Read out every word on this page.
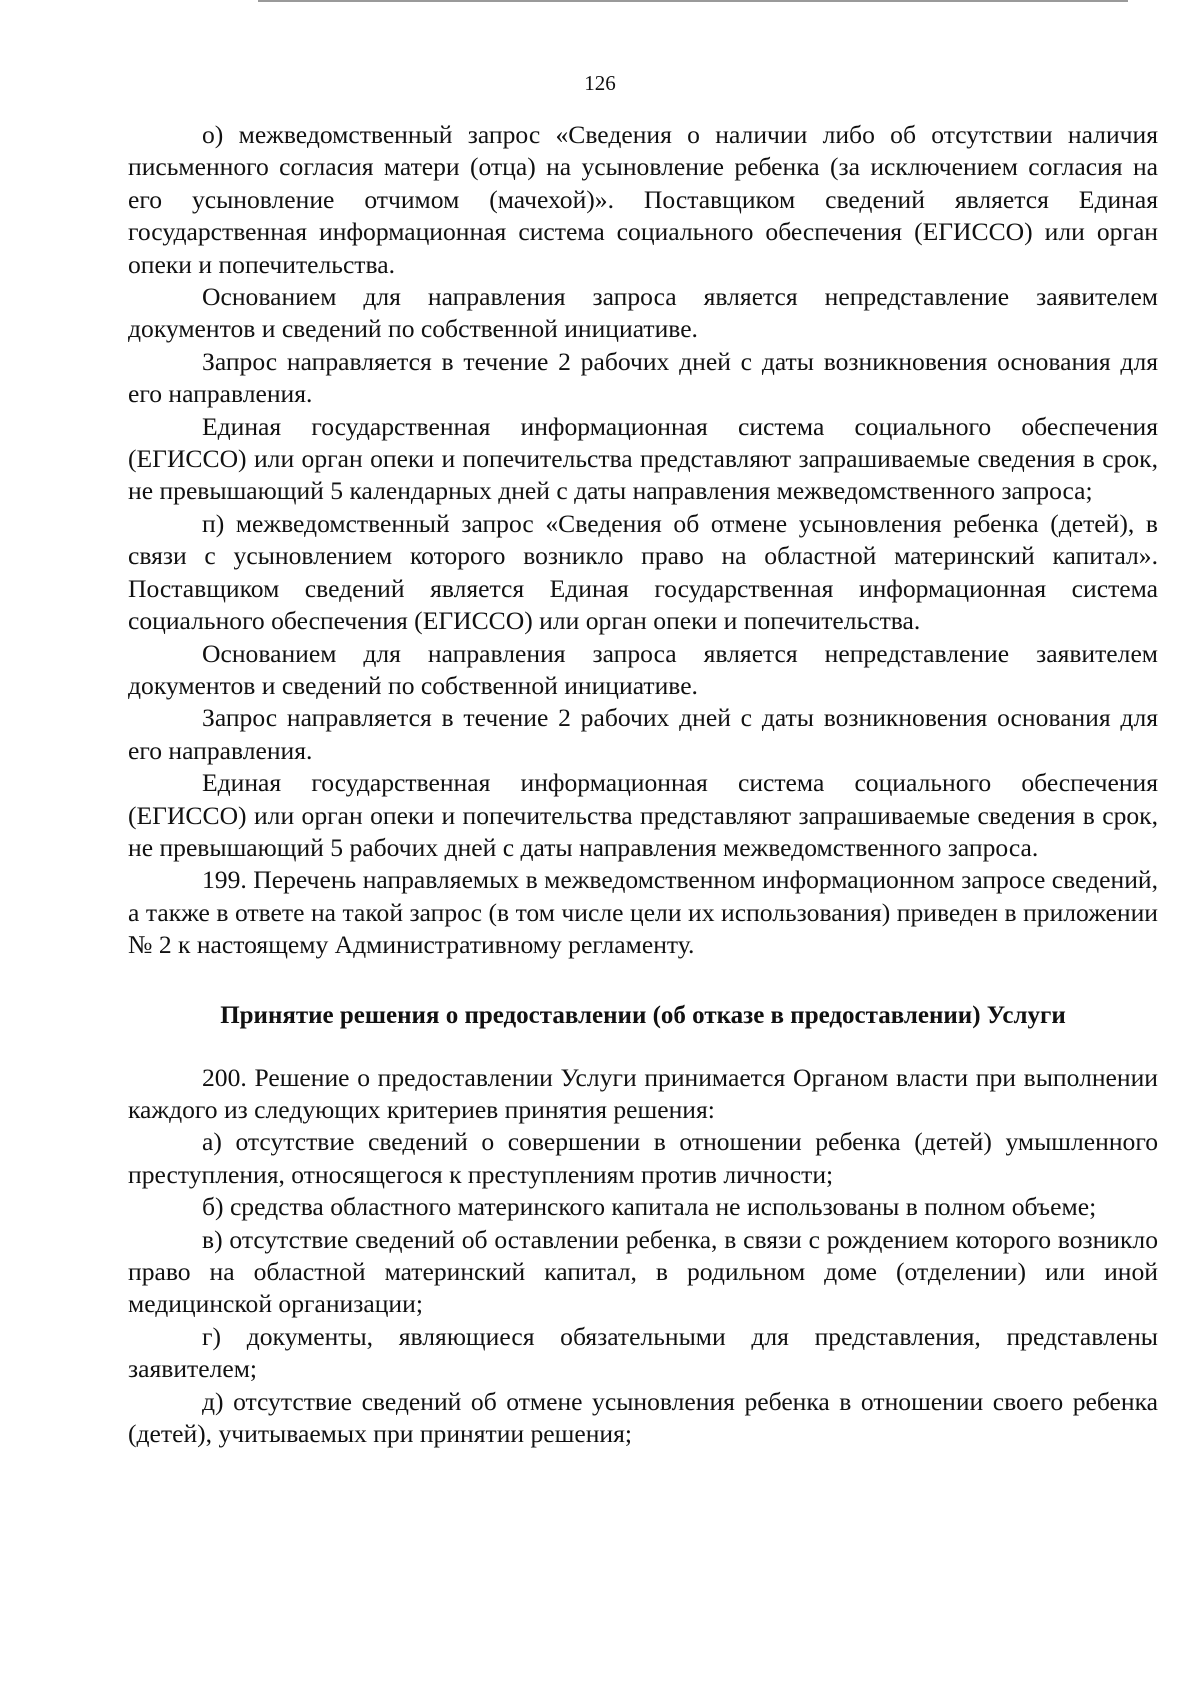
126

о) межведомственный запрос «Сведения о наличии либо об отсутствии наличия письменного согласия матери (отца) на усыновление ребенка (за исключением согласия на его усыновление отчимом (мачехой)». Поставщиком сведений является Единая государственная информационная система социального обеспечения (ЕГИССО) или орган опеки и попечительства.

Основанием для направления запроса является непредставление заявителем документов и сведений по собственной инициативе.

Запрос направляется в течение 2 рабочих дней с даты возникновения основания для его направления.

Единая государственная информационная система социального обеспечения (ЕГИССО) или орган опеки и попечительства представляют запрашиваемые сведения в срок, не превышающий 5 календарных дней с даты направления межведомственного запроса;

п) межведомственный запрос «Сведения об отмене усыновления ребенка (детей), в связи с усыновлением которого возникло право на областной материнский капитал». Поставщиком сведений является Единая государственная информационная система социального обеспечения (ЕГИССО) или орган опеки и попечительства.

Основанием для направления запроса является непредставление заявителем документов и сведений по собственной инициативе.

Запрос направляется в течение 2 рабочих дней с даты возникновения основания для его направления.

Единая государственная информационная система социального обеспечения (ЕГИССО) или орган опеки и попечительства представляют запрашиваемые сведения в срок, не превышающий 5 рабочих дней с даты направления межведомственного запроса.

199. Перечень направляемых в межведомственном информационном запросе сведений, а также в ответе на такой запрос (в том числе цели их использования) приведен в приложении № 2 к настоящему Административному регламенту.

Принятие решения о предоставлении (об отказе в предоставлении) Услуги

200. Решение о предоставлении Услуги принимается Органом власти при выполнении каждого из следующих критериев принятия решения:

а) отсутствие сведений о совершении в отношении ребенка (детей) умышленного преступления, относящегося к преступлениям против личности;

б) средства областного материнского капитала не использованы в полном объеме;

в) отсутствие сведений об оставлении ребенка, в связи с рождением которого возникло право на областной материнский капитал, в родильном доме (отделении) или иной медицинской организации;

г) документы, являющиеся обязательными для представления, представлены заявителем;

д) отсутствие сведений об отмене усыновления ребенка в отношении своего ребенка (детей), учитываемых при принятии решения;
